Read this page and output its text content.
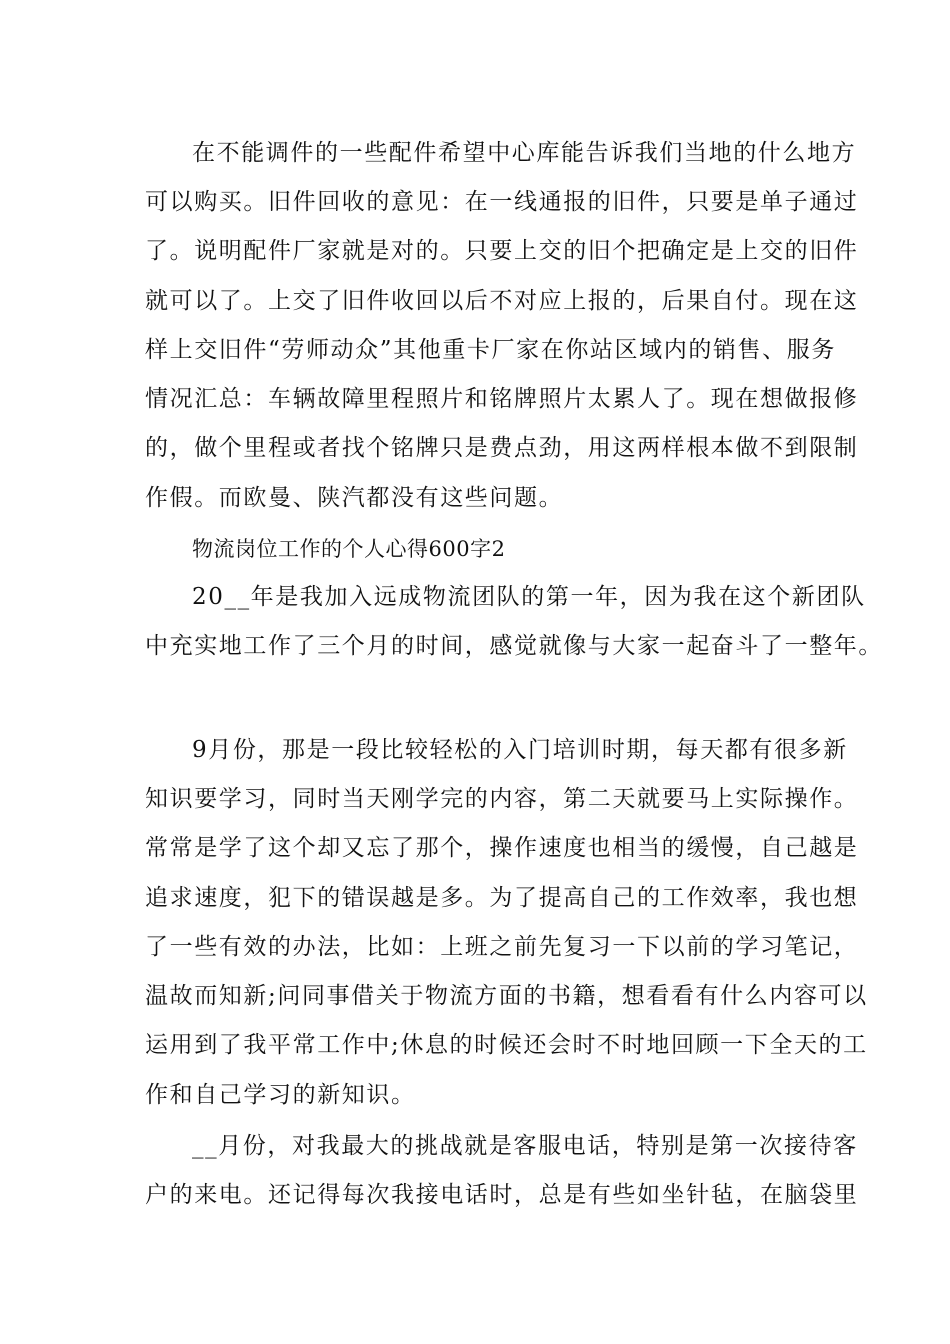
在不能调件的一些配件希望中心库能告诉我们当地的什么地方
可以购买。旧件回收的意见：在一线通报的旧件，只要是单子通过
了。说明配件厂家就是对的。只要上交的旧个把确定是上交的旧件
就可以了。上交了旧件收回以后不对应上报的，后果自付。现在这
样上交旧件“劳师动众”其他重卡厂家在你站区域内的销售、服务
情况汇总：车辆故障里程照片和铭牌照片太累人了。现在想做报修
的，做个里程或者找个铭牌只是费点劲，用这两样根本做不到限制
作假。而欧曼、陕汽都没有这些问题。
物流岗位工作的个人心得600字2
20__年是我加入远成物流团队的第一年，因为我在这个新团队
中充实地工作了三个月的时间，感觉就像与大家一起奋斗了一整年。
9月份，那是一段比较轻松的入门培训时期，每天都有很多新
知识要学习，同时当天刚学完的内容，第二天就要马上实际操作。
常常是学了这个却又忘了那个，操作速度也相当的缓慢，自己越是
追求速度，犯下的错误越是多。为了提高自己的工作效率，我也想
了一些有效的办法，比如：上班之前先复习一下以前的学习笔记，
温故而知新;问同事借关于物流方面的书籍，想看看有什么内容可以
运用到了我平常工作中;休息的时候还会时不时地回顾一下全天的工
作和自己学习的新知识。
__月份，对我最大的挑战就是客服电话，特别是第一次接待客
户的来电。还记得每次我接电话时，总是有些如坐针毡，在脑袋里
